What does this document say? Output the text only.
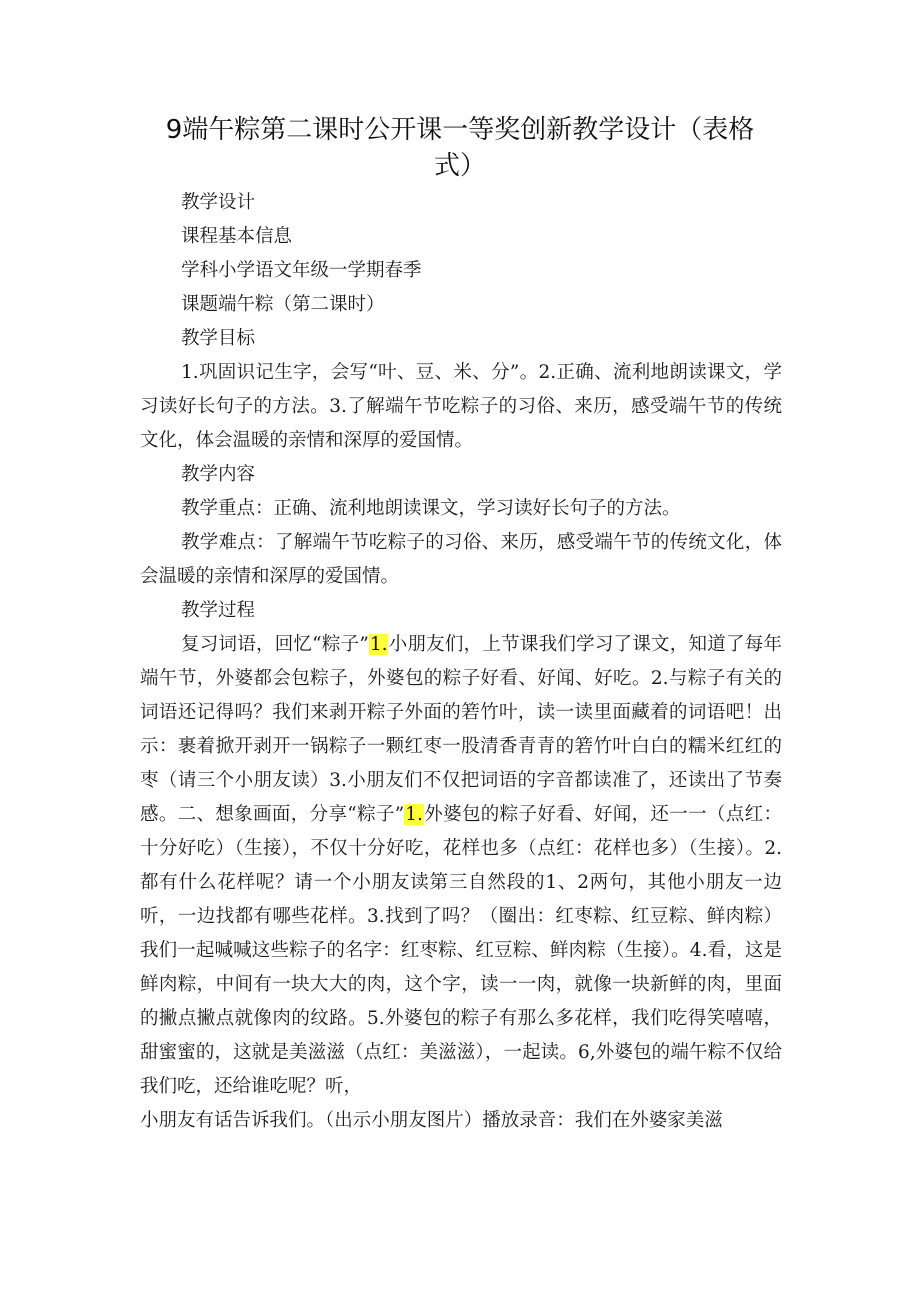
9端午粽第二课时公开课一等奖创新教学设计（表格
式）

教学设计

课程基本信息

学科小学语文年级一学期春季

课题端午粽（第二课时）

教学目标

1.巩固识记生字，会写“叶、豆、米、分”。2.正确、流利地朗读课文，学习读好长句子的方法。3.了解端午节吃粽子的习俗、来历，感受端午节的传统文化，体会温暖的亲情和深厚的爱国情。

教学内容

教学重点：正确、流利地朗读课文，学习读好长句子的方法。

教学难点：了解端午节吃粽子的习俗、来历，感受端午节的传统文化，体会温暖的亲情和深厚的爱国情。

教学过程

复习词语，回忆“粽子”1.小朋友们，上节课我们学习了课文，知道了每年端午节，外婆都会包粽子，外婆包的粽子好看、好闻、好吃。2.与粽子有关的词语还记得吗？我们来剥开粽子外面的箬竹叶，读一读里面藏着的词语吧！出示：裹着掀开剥开一锅粽子一颗红枣一股清香青青的箬竹叶白白的糯米红红的枣（请三个小朋友读）3.小朋友们不仅把词语的字音都读准了，还读出了节奏感。二、想象画面，分享“粽子”1.外婆包的粽子好看、好闻，还一一（点红：十分好吃）（生接），不仅十分好吃，花样也多（点红：花样也多）（生接）。2.都有什么花样呢？请一个小朋友读第三自然段的1、2两句，其他小朋友一边听，一边找都有哪些花样。3.找到了吗？（圈出：红枣粽、红豆粽、鲜肉粽）我们一起喊喊这些粽子的名字：红枣粽、红豆粽、鲜肉粽（生接）。4.看，这是鲜肉粽，中间有一块大大的肉，这个字，读一一肉，就像一块新鲜的肉，里面的撇点撇点就像肉的纹路。5.外婆包的粽子有那么多花样，我们吃得笑嘻嘻，甜蜜蜜的，这就是美滋滋（点红：美滋滋），一起读。6,外婆包的端午粽不仅给我们吃，还给谁吃呢？听，

小朋友有话告诉我们。（出示小朋友图片）播放录音：我们在外婆家美滋
